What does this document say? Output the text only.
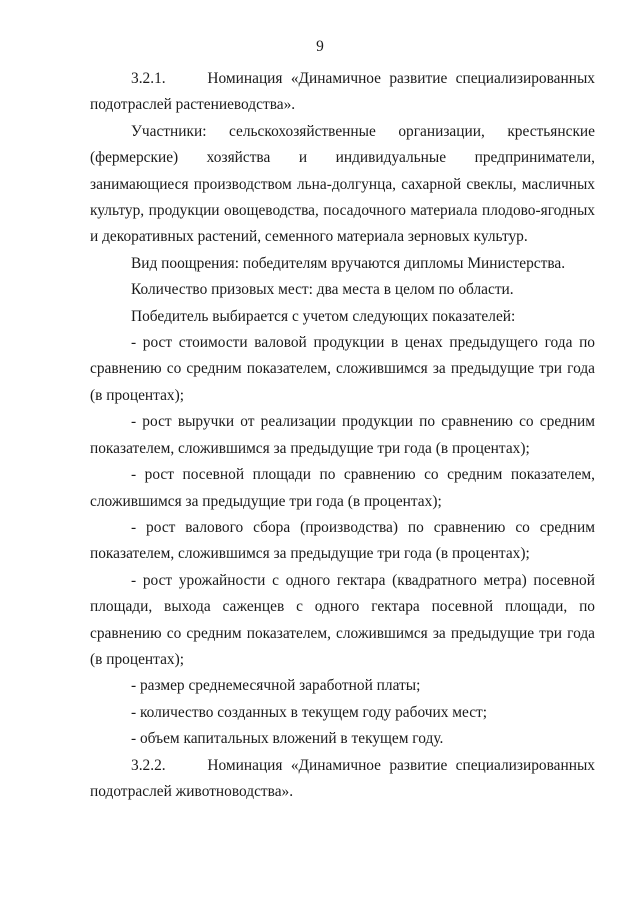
9

3.2.1.     Номинация «Динамичное развитие специализированных подотраслей растениеводства».

Участники: сельскохозяйственные организации, крестьянские (фермерские) хозяйства и индивидуальные предприниматели, занимающиеся производством льна-долгунца, сахарной свеклы, масличных культур, продукции овощеводства, посадочного материала плодово-ягодных и декоративных растений, семенного материала зерновых культур.

Вид поощрения: победителям вручаются дипломы Министерства.

Количество призовых мест: два места в целом по области.

Победитель выбирается с учетом следующих показателей:

- рост стоимости валовой продукции в ценах предыдущего года по сравнению со средним показателем, сложившимся за предыдущие три года (в процентах);

- рост выручки от реализации продукции по сравнению со средним показателем, сложившимся за предыдущие три года (в процентах);

- рост посевной площади по сравнению со средним показателем, сложившимся за предыдущие три года (в процентах);

- рост валового сбора (производства) по сравнению со средним показателем, сложившимся за предыдущие три года (в процентах);

- рост урожайности с одного гектара (квадратного метра) посевной площади, выхода саженцев с одного гектара посевной площади, по сравнению со средним показателем, сложившимся за предыдущие три года (в процентах);

- размер среднемесячной заработной платы;

- количество созданных в текущем году рабочих мест;

- объем капитальных вложений в текущем году.

3.2.2.     Номинация «Динамичное развитие специализированных подотраслей животноводства».
